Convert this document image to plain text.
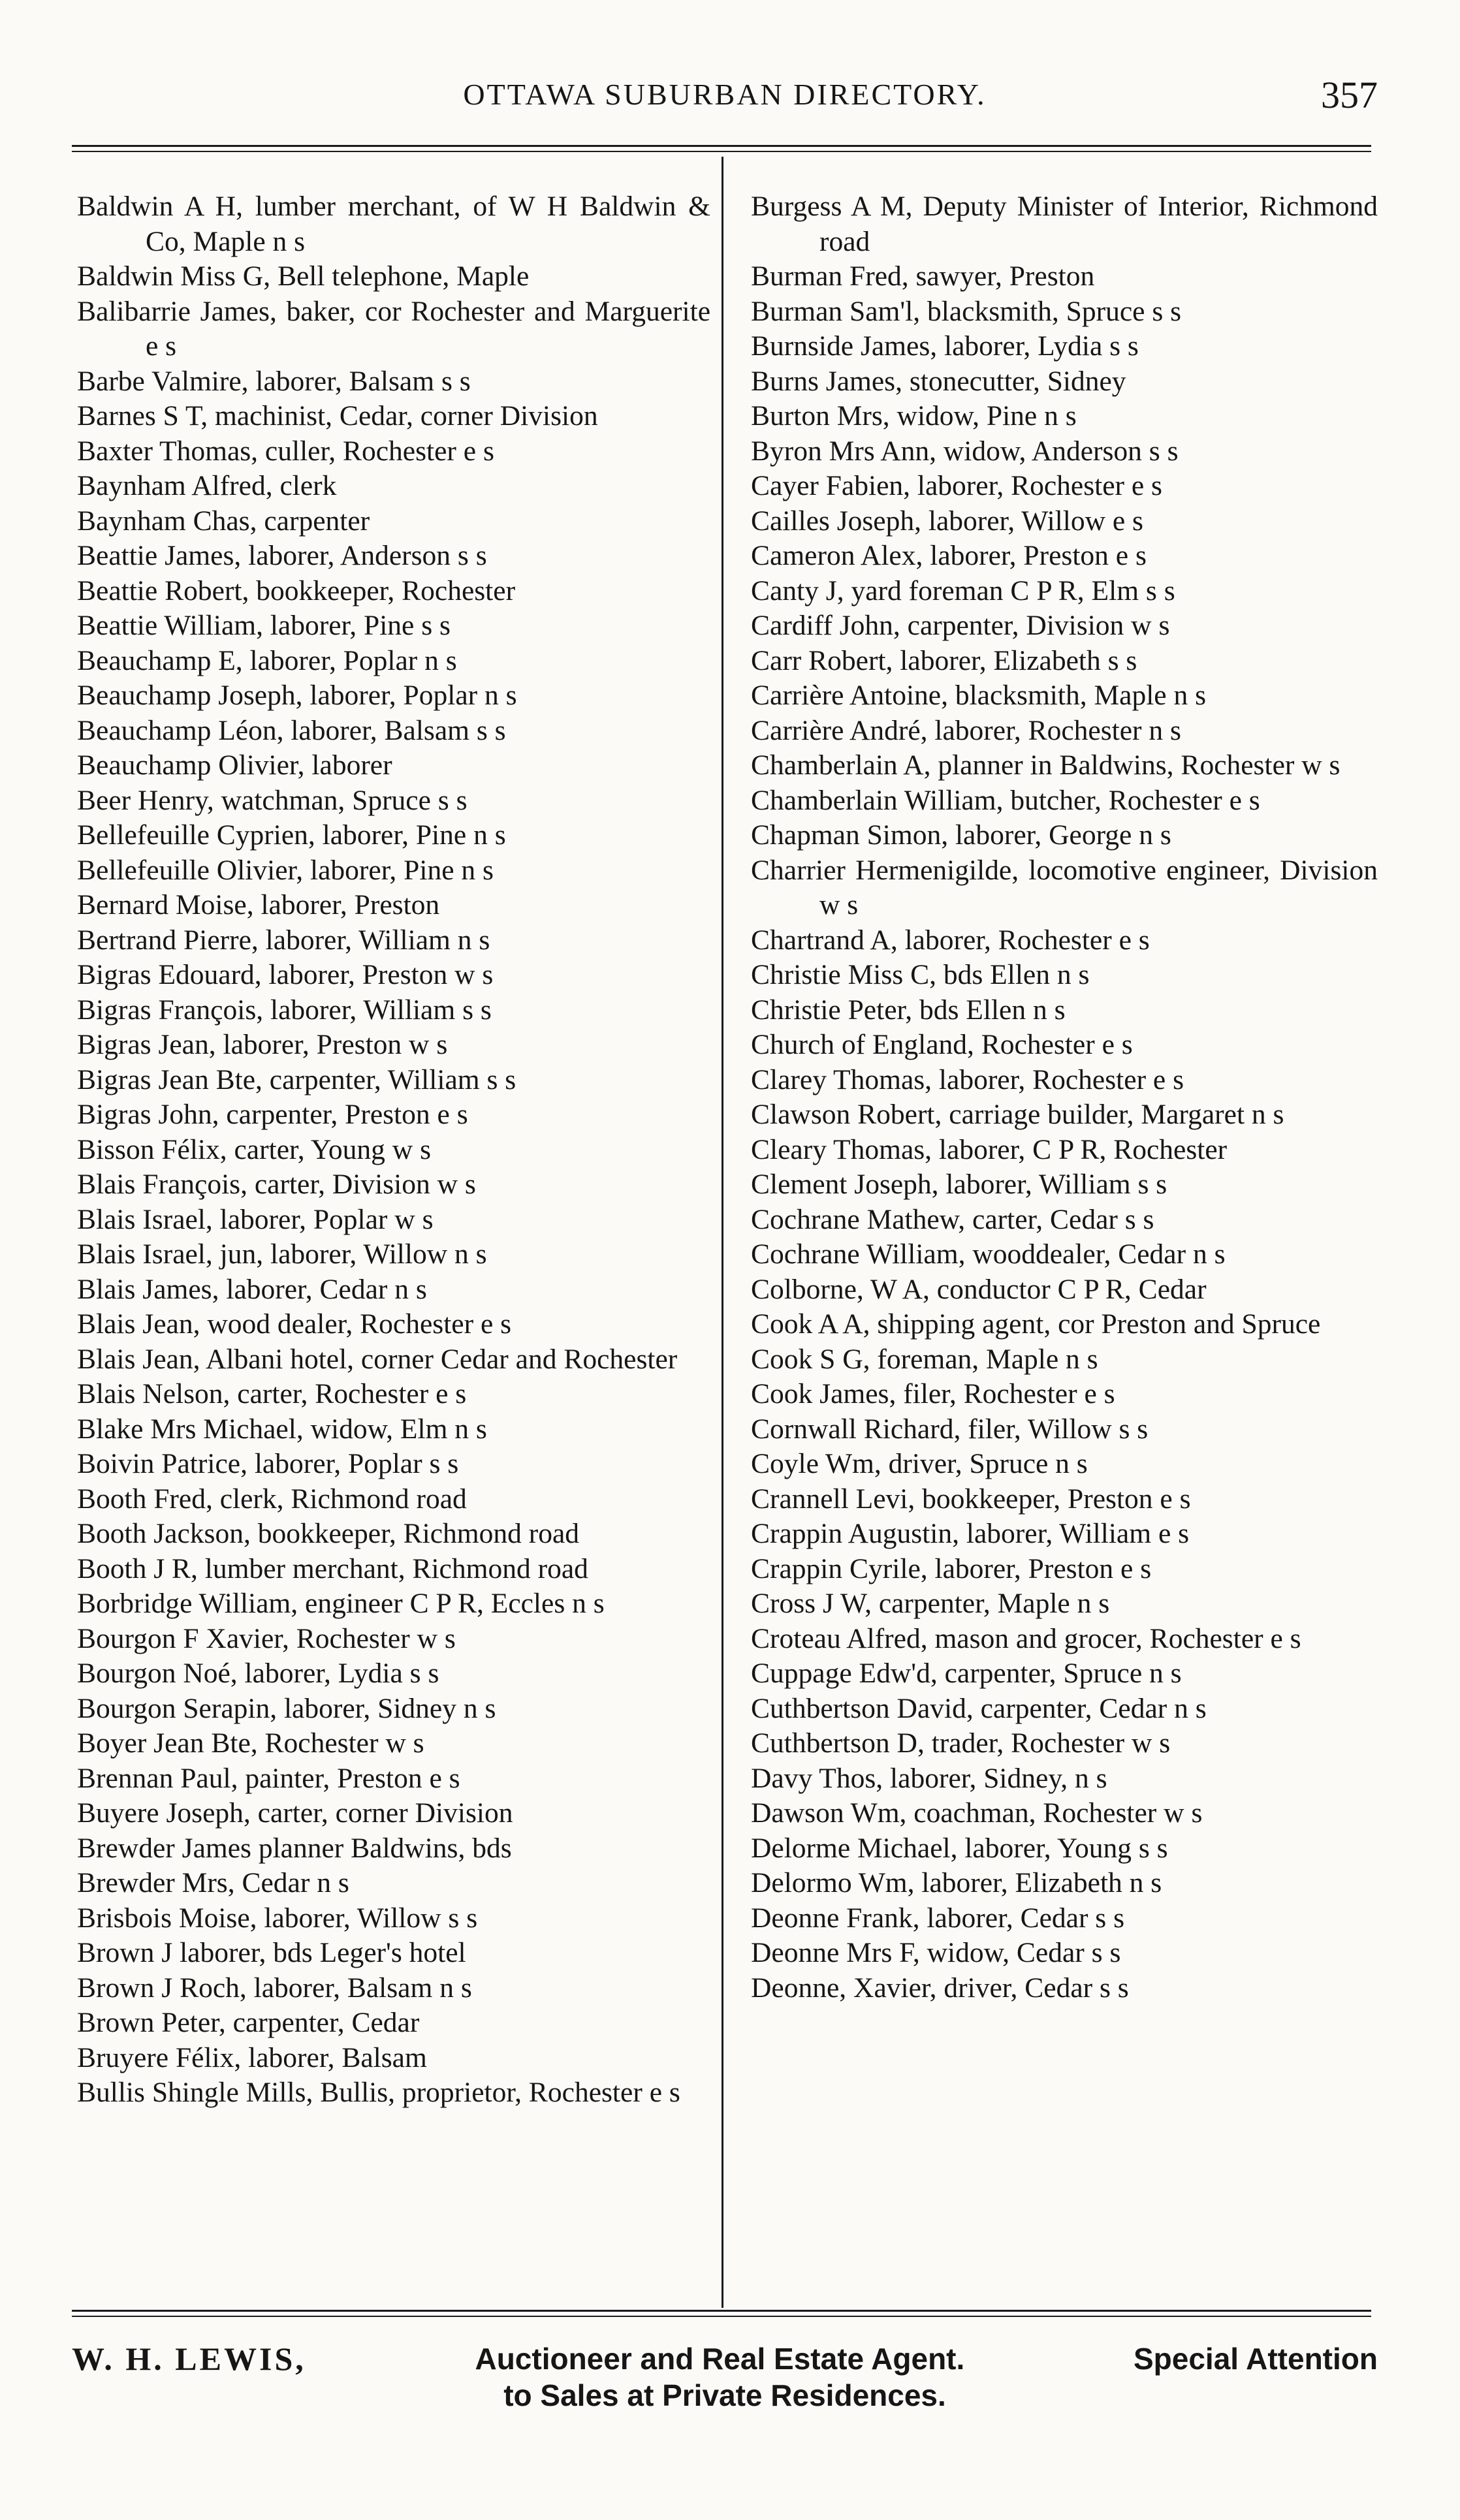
OTTAWA SUBURBAN DIRECTORY.	357
Baldwin A H, lumber merchant, of W H Baldwin & Co, Maple n s
Baldwin Miss G, Bell telephone, Maple
Balibarrie James, baker, cor Rochester and Marguerite e s
Barbe Valmire, laborer, Balsam s s
Barnes S T, machinist, Cedar, corner Division
Baxter Thomas, culler, Rochester e s
Baynham Alfred, clerk
Baynham Chas, carpenter
Beattie James, laborer, Anderson s s
Beattie Robert, bookkeeper, Rochester
Beattie William, laborer, Pine s s
Beauchamp E, laborer, Poplar n s
Beauchamp Joseph, laborer, Poplar n s
Beauchamp Léon, laborer, Balsam s s
Beauchamp Olivier, laborer
Beer Henry, watchman, Spruce s s
Bellefeuille Cyprien, laborer, Pine n s
Bellefeuille Olivier, laborer, Pine n s
Bernard Moise, laborer, Preston
Bertrand Pierre, laborer, William n s
Bigras Edouard, laborer, Preston w s
Bigras François, laborer, William s s
Bigras Jean, laborer, Preston w s
Bigras Jean Bte, carpenter, William s s
Bigras John, carpenter, Preston e s
Bisson Félix, carter, Young w s
Blais François, carter, Division w s
Blais Israel, laborer, Poplar w s
Blais Israel, jun, laborer, Willow n s
Blais James, laborer, Cedar n s
Blais Jean, wood dealer, Rochester e s
Blais Jean, Albani hotel, corner Cedar and Rochester
Blais Nelson, carter, Rochester e s
Blake Mrs Michael, widow, Elm n s
Boivin Patrice, laborer, Poplar s s
Booth Fred, clerk, Richmond road
Booth Jackson, bookkeeper, Richmond road
Booth J R, lumber merchant, Richmond road
Borbridge William, engineer C P R, Eccles n s
Bourgon F Xavier, Rochester w s
Bourgon Noé, laborer, Lydia s s
Bourgon Serapin, laborer, Sidney n s
Boyer Jean Bte, Rochester w s
Brennan Paul, painter, Preston e s
Buyere Joseph, carter, corner Division
Brewder James planner Baldwins, bds
Brewder Mrs, Cedar n s
Brisbois Moise, laborer, Willow s s
Brown J laborer, bds Leger's hotel
Brown J Roch, laborer, Balsam n s
Brown Peter, carpenter, Cedar
Bruyere Félix, laborer, Balsam
Bullis Shingle Mills, Bullis, proprietor, Rochester e s
Burgess A M, Deputy Minister of Interior, Richmond road
Burman Fred, sawyer, Preston
Burman Sam'l, blacksmith, Spruce s s
Burnside James, laborer, Lydia s s
Burns James, stonecutter, Sidney
Burton Mrs, widow, Pine n s
Byron Mrs Ann, widow, Anderson s s
Cayer Fabien, laborer, Rochester e s
Cailles Joseph, laborer, Willow e s
Cameron Alex, laborer, Preston e s
Canty J, yard foreman C P R, Elm s s
Cardiff John, carpenter, Division w s
Carr Robert, laborer, Elizabeth s s
Carrière Antoine, blacksmith, Maple n s
Carrière André, laborer, Rochester n s
Chamberlain A, planner in Baldwins, Rochester w s
Chamberlain William, butcher, Rochester e s
Chapman Simon, laborer, George n s
Charrier Hermenigilde, locomotive engineer, Division w s
Chartrand A, laborer, Rochester e s
Christie Miss C, bds Ellen n s
Christie Peter, bds Ellen n s
Church of England, Rochester e s
Clarey Thomas, laborer, Rochester e s
Clawson Robert, carriage builder, Margaret n s
Cleary Thomas, laborer, C P R, Rochester
Clement Joseph, laborer, William s s
Cochrane Mathew, carter, Cedar s s
Cochrane William, wooddealer, Cedar n s
Colborne, W A, conductor C P R, Cedar
Cook A A, shipping agent, cor Preston and Spruce
Cook S G, foreman, Maple n s
Cook James, filer, Rochester e s
Cornwall Richard, filer, Willow s s
Coyle Wm, driver, Spruce n s
Crannell Levi, bookkeeper, Preston e s
Crappin Augustin, laborer, William e s
Crappin Cyrile, laborer, Preston e s
Cross J W, carpenter, Maple n s
Croteau Alfred, mason and grocer, Rochester e s
Cuppage Edw'd, carpenter, Spruce n s
Cuthbertson David, carpenter, Cedar n s
Cuthbertson D, trader, Rochester w s
Davy Thos, laborer, Sidney, n s
Dawson Wm, coachman, Rochester w s
Delorme Michael, laborer, Young s s
Delormo Wm, laborer, Elizabeth n s
Deonne Frank, laborer, Cedar s s
Deonne Mrs F, widow, Cedar s s
Deonne, Xavier, driver, Cedar s s
W. H. LEWIS,	Auctioneer and Real Estate Agent.	Special Attention
to Sales at Private Residences.
